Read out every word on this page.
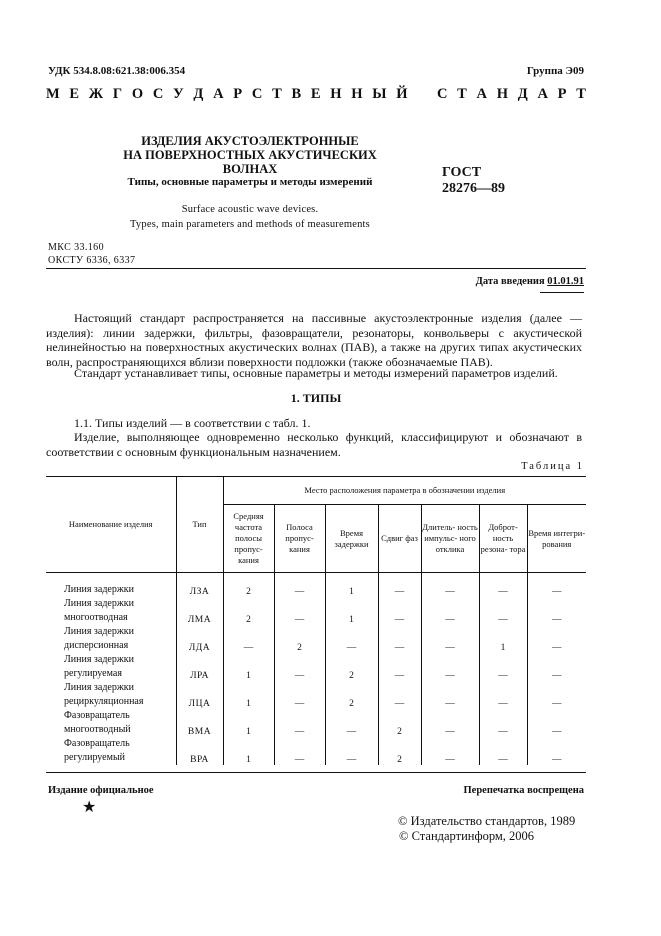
УДК 534.8.08:621.38:006.354	Группа Э09
М Е Ж Г О С У Д А Р С Т В Е Н Н Ы Й С Т А Н Д А Р Т
ИЗДЕЛИЯ АКУСТОЭЛЕКТРОННЫЕ
НА ПОВЕРХНОСТНЫХ АКУСТИЧЕСКИХ ВОЛНАХ
Типы, основные параметры и методы измерений
ГОСТ
28276—89
Surface acoustic wave devices.
Types, main parameters and methods of measurements
МКС 33.160
ОКСТУ 6336, 6337
Дата введения 01.01.91
Настоящий стандарт распространяется на пассивные акустоэлектронные изделия (далее — изделия): линии задержки, фильтры, фазовращатели, резонаторы, конвольверы с акустической нелинейностью на поверхностных акустических волнах (ПАВ), а также на других типах акустических волн, распространяющихся вблизи поверхности подложки (также обозначаемые ПАВ).
Стандарт устанавливает типы, основные параметры и методы измерений параметров изделий.
1. ТИПЫ
1.1. Типы изделий — в соответствии с табл. 1.
Изделие, выполняющее одновременно несколько функций, классифицируют и обозначают в соответствии с основным функциональным назначением.
Таблица 1
Наименование изделия	Тип	Место расположения параметра в обозначении изделия						
		Средняя частота полосы пропус- кания	Полоса пропус- кания	Время задержки	Сдвиг фаз	Длитель- ность импульс- ного отклика	Доброт- ность резона- тора	Время интегри- рования
Линия задержки	ЛЗА	2	—	1	—	—	—	—
Линия задержки многоотводная	ЛМА	2	—	1	—	—	—	—
Линия задержки дисперсионная	ЛДА	—	2	—	—	—	1	—
Линия задержки регулируемая	ЛРА	1	—	2	—	—	—	—
Линия задержки рециркуляционная	ЛЦА	1	—	2	—	—	—	—
Фазовращатель многоотводный	ВМА	1	—	—	2	—	—	—
Фазовращатель регулируемый	ВРА	1	—	—	2	—	—	—
Издание официальное	Перепечатка воспрещена
★
© Издательство стандартов, 1989
© Стандартинформ, 2006
